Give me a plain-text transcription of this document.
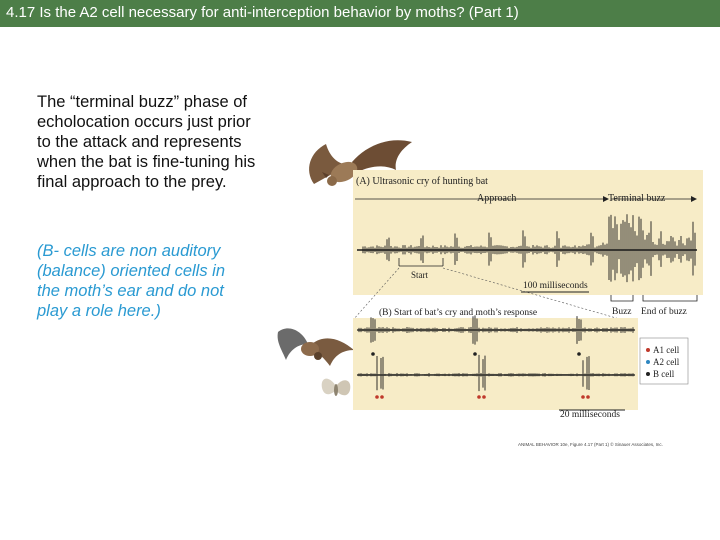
4.17 Is the A2 cell necessary for anti-interception behavior by moths? (Part 1)
The “terminal buzz” phase of echolocation occurs just prior to the attack and represents when the bat is fine-tuning his final approach to the prey.
(B- cells are non auditory (balance) oriented cells in the moth’s ear and do not play a role here.)
(A) Ultrasonic cry of hunting bat
Approach	Terminal buzz
Start
100 milliseconds
Buzz End of buzz
(B) Start of bat’s cry and moth’s response
A1 cell
A2 cell
B cell
20 milliseconds
ANIMAL BEHAVIOR 10e, Figure 4.17 (Part 1) © Sinauer Associates, Inc.
